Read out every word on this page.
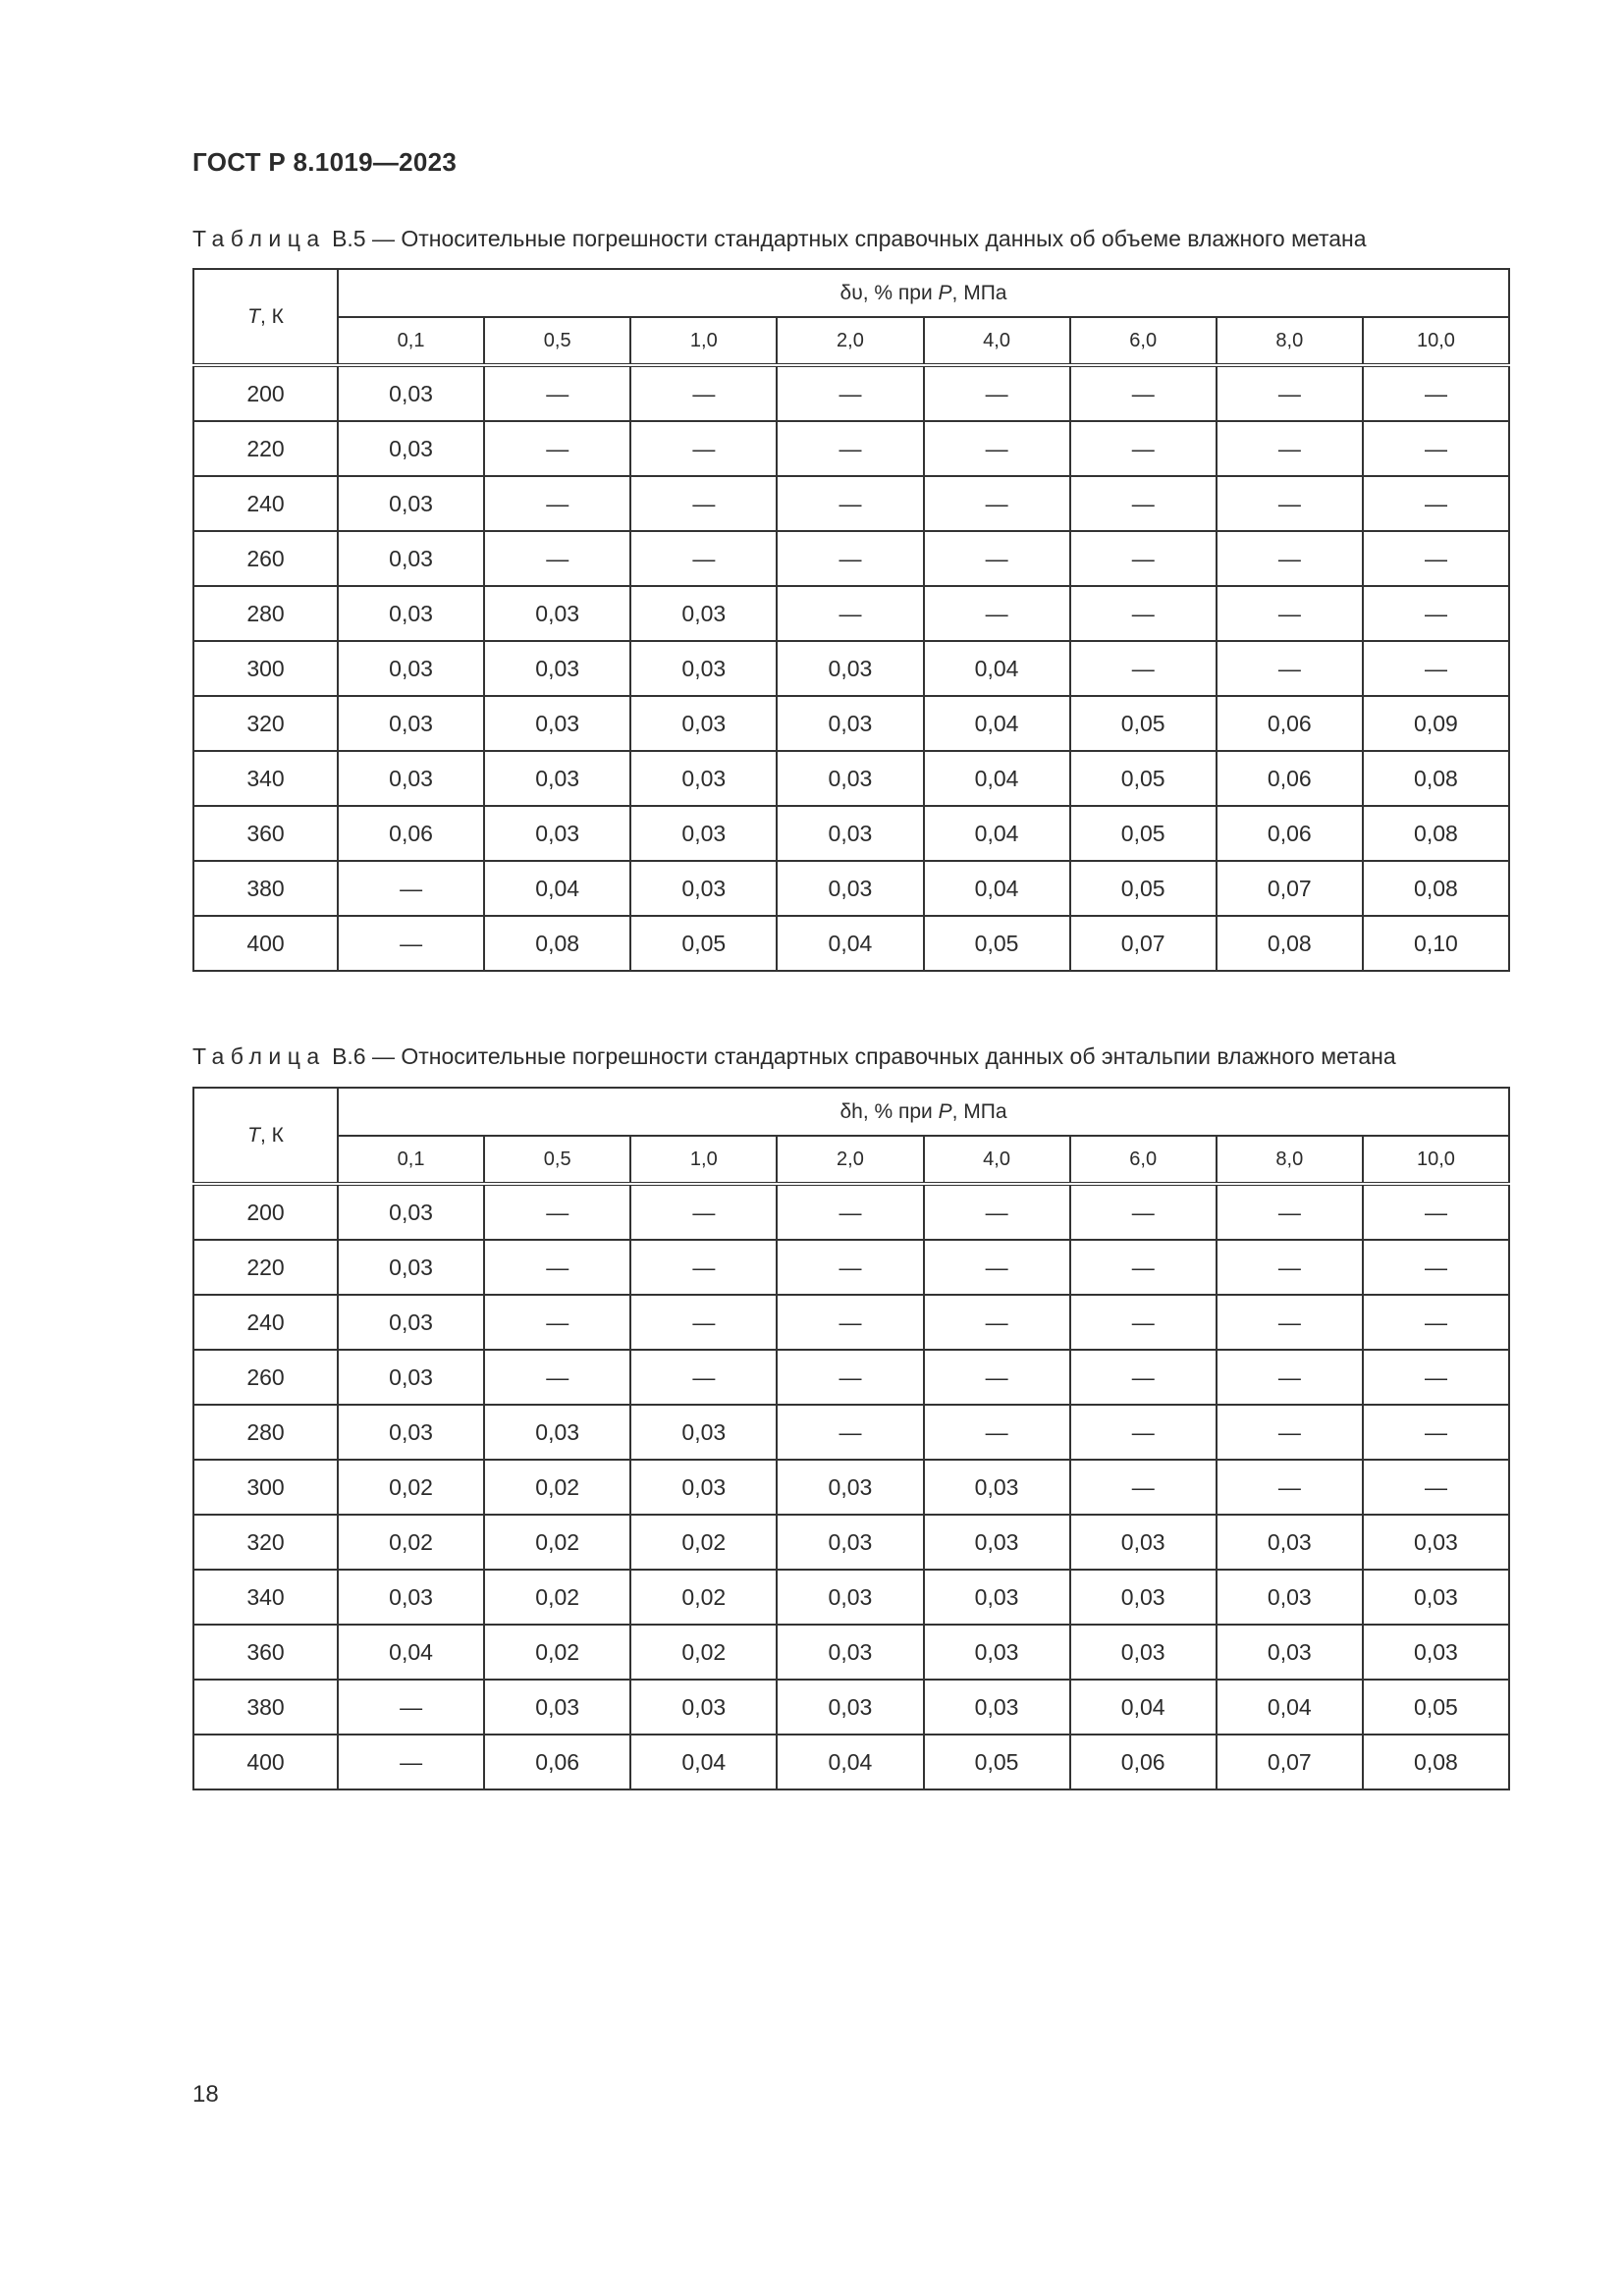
ГОСТ Р 8.1019—2023
Таблица В.5 — Относительные погрешности стандартных справочных данных об объеме влажного метана
T, К	δυ, % при P, МПа							
	0,1	0,5	1,0	2,0	4,0	6,0	8,0	10,0
200	0,03	—	—	—	—	—	—	—
220	0,03	—	—	—	—	—	—	—
240	0,03	—	—	—	—	—	—	—
260	0,03	—	—	—	—	—	—	—
280	0,03	0,03	0,03	—	—	—	—	—
300	0,03	0,03	0,03	0,03	0,04	—	—	—
320	0,03	0,03	0,03	0,03	0,04	0,05	0,06	0,09
340	0,03	0,03	0,03	0,03	0,04	0,05	0,06	0,08
360	0,06	0,03	0,03	0,03	0,04	0,05	0,06	0,08
380	—	0,04	0,03	0,03	0,04	0,05	0,07	0,08
400	—	0,08	0,05	0,04	0,05	0,07	0,08	0,10
Таблица В.6 — Относительные погрешности стандартных справочных данных об энтальпии влажного метана
T, К	δh, % при P, МПа							
	0,1	0,5	1,0	2,0	4,0	6,0	8,0	10,0
200	0,03	—	—	—	—	—	—	—
220	0,03	—	—	—	—	—	—	—
240	0,03	—	—	—	—	—	—	—
260	0,03	—	—	—	—	—	—	—
280	0,03	0,03	0,03	—	—	—	—	—
300	0,02	0,02	0,03	0,03	0,03	—	—	—
320	0,02	0,02	0,02	0,03	0,03	0,03	0,03	0,03
340	0,03	0,02	0,02	0,03	0,03	0,03	0,03	0,03
360	0,04	0,02	0,02	0,03	0,03	0,03	0,03	0,03
380	—	0,03	0,03	0,03	0,03	0,04	0,04	0,05
400	—	0,06	0,04	0,04	0,05	0,06	0,07	0,08
18
